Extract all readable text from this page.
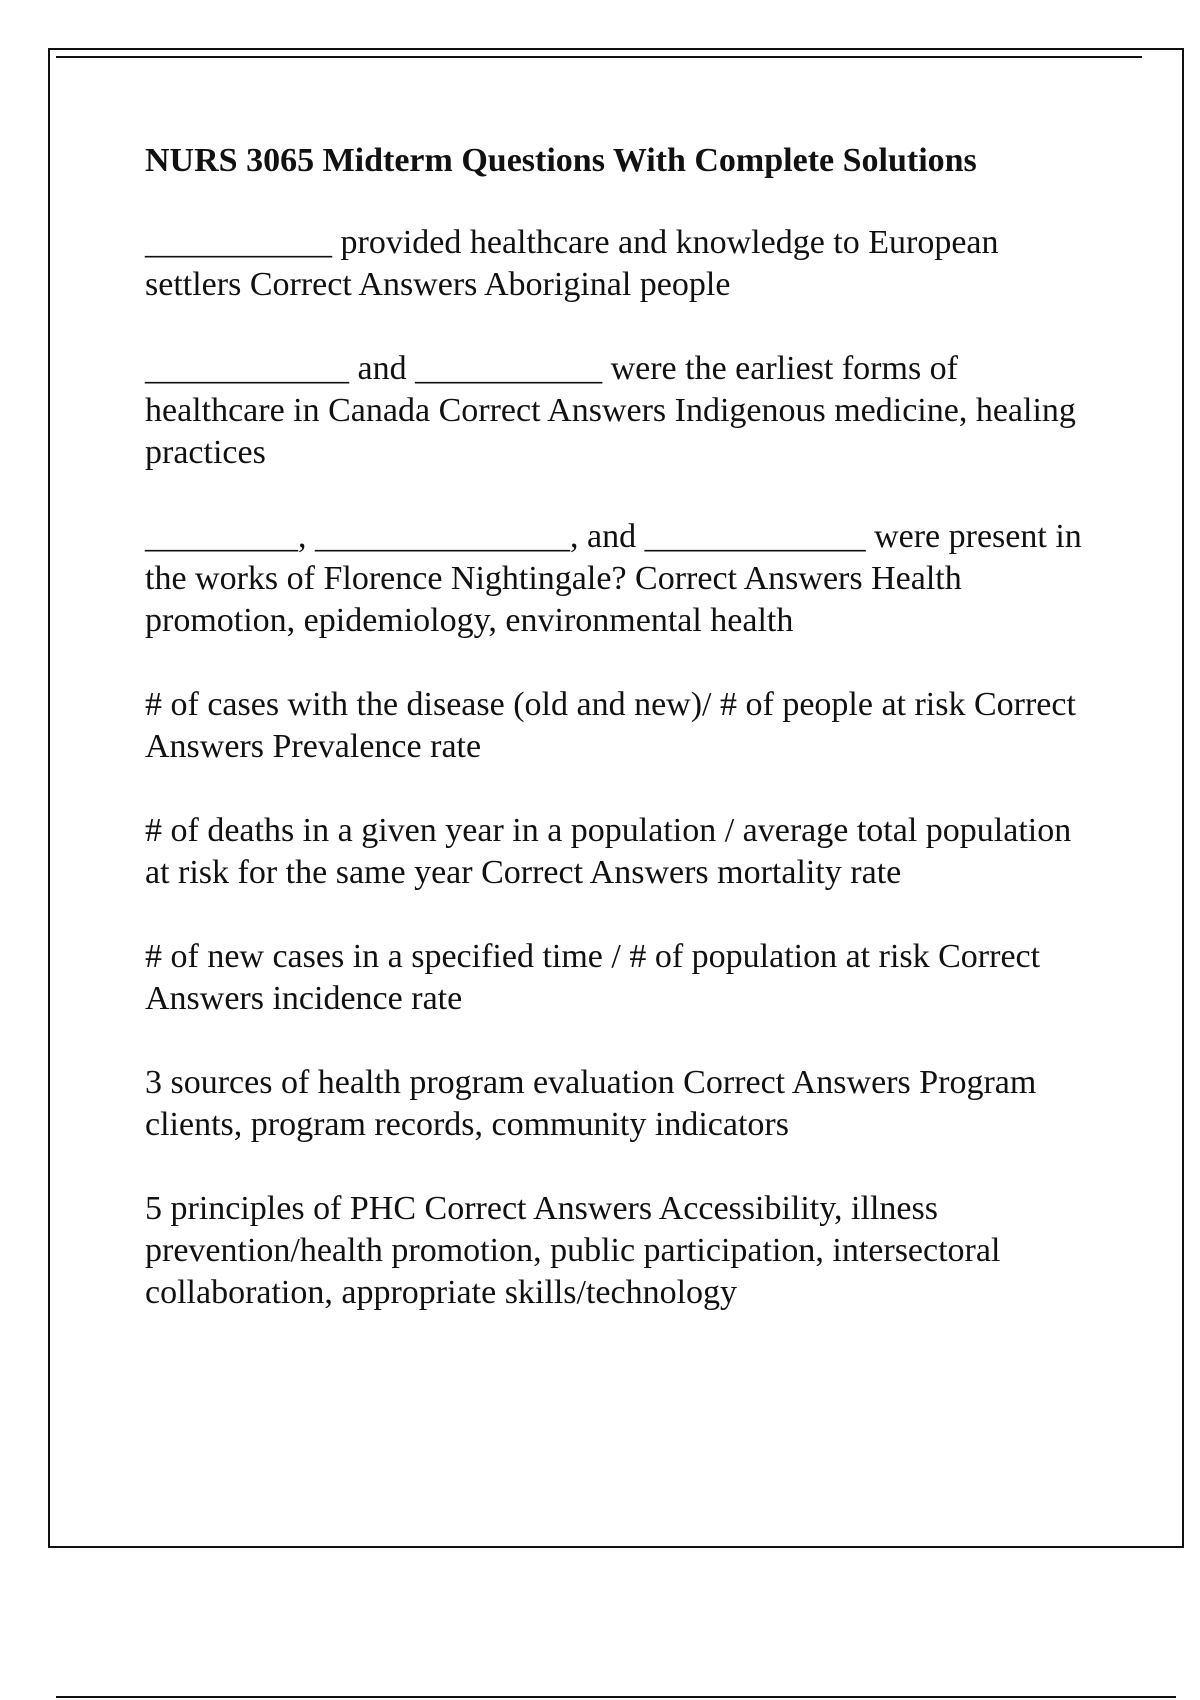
NURS 3065 Midterm Questions With Complete Solutions

___________ provided healthcare and knowledge to European settlers Correct Answers Aboriginal people

____________ and ___________ were the earliest forms of healthcare in Canada Correct Answers Indigenous medicine, healing practices

_________, _______________, and _____________ were present in the works of Florence Nightingale? Correct Answers Health promotion, epidemiology, environmental health

# of cases with the disease (old and new)/ # of people at risk Correct Answers Prevalence rate

# of deaths in a given year in a population / average total population at risk for the same year Correct Answers mortality rate

# of new cases in a specified time / # of population at risk Correct Answers incidence rate

3 sources of health program evaluation Correct Answers Program clients, program records, community indicators

5 principles of PHC Correct Answers Accessibility, illness prevention/health promotion, public participation, intersectoral collaboration, appropriate skills/technology
